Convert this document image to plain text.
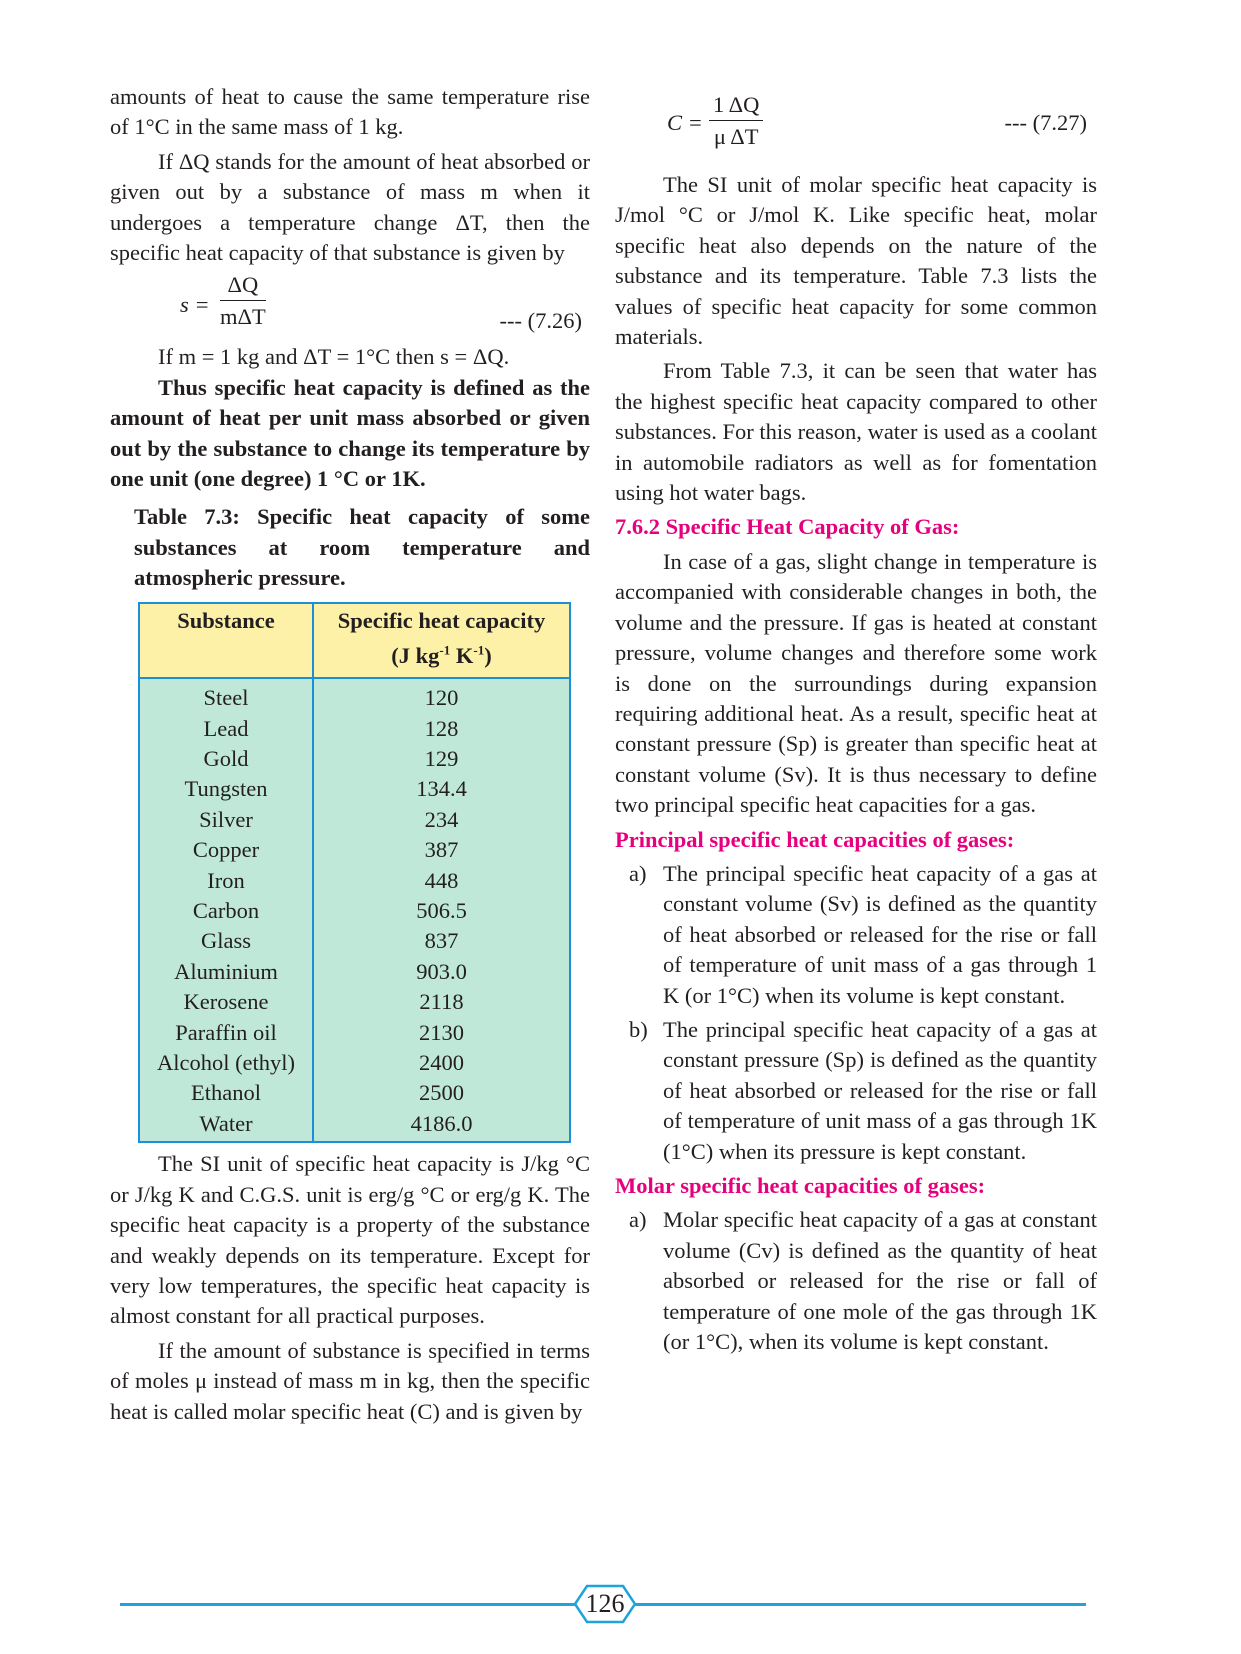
amounts of heat to cause the same temperature rise of 1°C in the same mass of 1 kg.

If ΔQ stands for the amount of heat absorbed or given out by a substance of mass m when it undergoes a temperature change ΔT, then the specific heat capacity of that substance is given by

s =
ΔQ
mΔT	--- (7.26)

If m = 1 kg and ΔT = 1°C then s = ΔQ.

Thus specific heat capacity is defined as the amount of heat per unit mass absorbed or given out by the substance to change its temperature by one unit (one degree) 1 °C or 1K.

Table 7.3: Specific heat capacity of some substances at room temperature and atmospheric pressure.

Substance	Specific heat capacity
(J $kg^{-1}$ $K^{-1}$)
Steel	120
Lead	128
Gold	129
Tungsten	134.4
Silver	234
Copper	387
Iron	448
Carbon	506.5
Glass	837
Aluminium	903.0
Kerosene	2118
Paraffin oil	2130
Alcohol (ethyl)	2400
Ethanol	2500
Water	4186.0

The SI unit of specific heat capacity is J/kg °C or J/kg K and C.G.S. unit is erg/g °C or erg/g K. The specific heat capacity is a property of the substance and weakly depends on its temperature. Except for very low temperatures, the specific heat capacity is almost constant for all practical purposes.

If the amount of substance is specified in terms of moles μ instead of mass m in kg, then the specific heat is called molar specific heat (C) and is given by

$C = \frac{1 \Delta Q}{\text{μ ΔT}}$	--- (7.27)

The SI unit of molar specific heat capacity is J/mol °C or J/mol K. Like specific heat, molar specific heat also depends on the nature of the substance and its temperature. Table 7.3 lists the values of specific heat capacity for some common materials.

From Table 7.3, it can be seen that water has the highest specific heat capacity compared to other substances. For this reason, water is used as a coolant in automobile radiators as well as for fomentation using hot water bags.

7.6.2 Specific Heat Capacity of Gas:

In case of a gas, slight change in temperature is accompanied with considerable changes in both, the volume and the pressure. If gas is heated at constant pressure, volume changes and therefore some work is done on the surroundings during expansion requiring additional heat. As a result, specific heat at constant pressure (Sp) is greater than specific heat at constant volume (Sv). It is thus necessary to define two principal specific heat capacities for a gas.

Principal specific heat capacities of gases:

a) The principal specific heat capacity of a gas at constant volume (Sv) is defined as the quantity of heat absorbed or released for the rise or fall of temperature of unit mass of a gas through 1 K (or 1°C) when its volume is kept constant.
b) The principal specific heat capacity of a gas at constant pressure (Sp) is defined as the quantity of heat absorbed or released for the rise or fall of temperature of unit mass of a gas through 1K (1°C) when its pressure is kept constant.

Molar specific heat capacities of gases:

a) Molar specific heat capacity of a gas at constant volume (Cv) is defined as the quantity of heat absorbed or released for the rise or fall of temperature of one mole of the gas through 1K (or 1°C), when its volume is kept constant.
126
